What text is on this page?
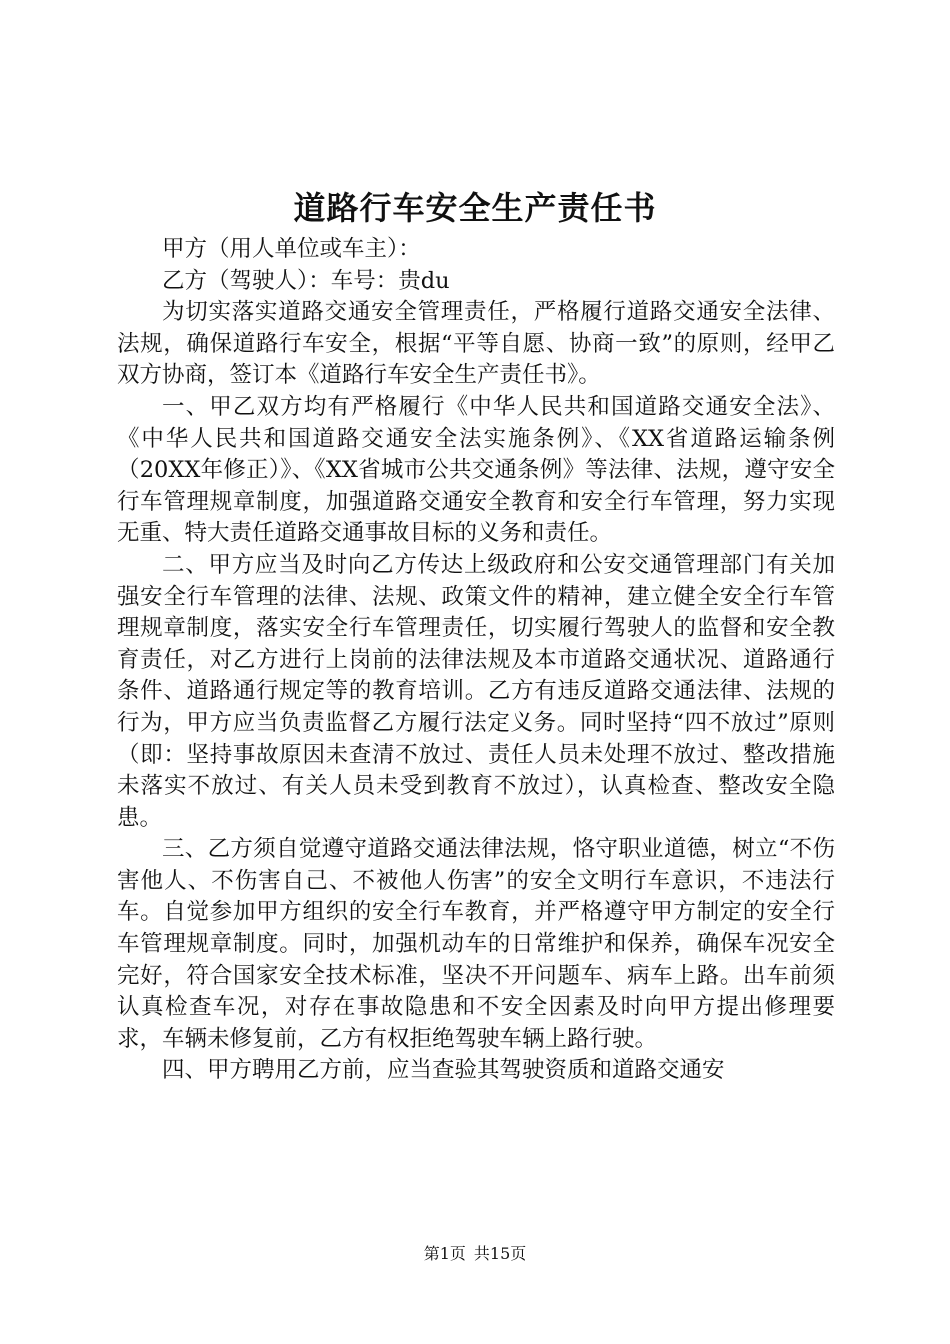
道路行车安全生产责任书

甲方（用人单位或车主）：

乙方（驾驶人）：车号：贵du

为切实落实道路交通安全管理责任，严格履行道路交通安全法律、法规，确保道路行车安全，根据“平等自愿、协商一致”的原则，经甲乙双方协商，签订本《道路行车安全生产责任书》。

一、甲乙双方均有严格履行《中华人民共和国道路交通安全法》、《中华人民共和国道路交通安全法实施条例》、《XX省道路运输条例（20XX年修正）》、《XX省城市公共交通条例》等法律、法规，遵守安全行车管理规章制度，加强道路交通安全教育和安全行车管理，努力实现无重、特大责任道路交通事故目标的义务和责任。

二、甲方应当及时向乙方传达上级政府和公安交通管理部门有关加强安全行车管理的法律、法规、政策文件的精神，建立健全安全行车管理规章制度，落实安全行车管理责任，切实履行驾驶人的监督和安全教育责任，对乙方进行上岗前的法律法规及本市道路交通状况、道路通行条件、道路通行规定等的教育培训。乙方有违反道路交通法律、法规的行为，甲方应当负责监督乙方履行法定义务。同时坚持“四不放过”原则（即：坚持事故原因未查清不放过、责任人员未处理不放过、整改措施未落实不放过、有关人员未受到教育不放过），认真检查、整改安全隐患。

三、乙方须自觉遵守道路交通法律法规，恪守职业道德，树立“不伤害他人、不伤害自己、不被他人伤害”的安全文明行车意识，不违法行车。自觉参加甲方组织的安全行车教育，并严格遵守甲方制定的安全行车管理规章制度。同时，加强机动车的日常维护和保养，确保车况安全完好，符合国家安全技术标准，坚决不开问题车、病车上路。出车前须认真检查车况，对存在事故隐患和不安全因素及时向甲方提出修理要求，车辆未修复前，乙方有权拒绝驾驶车辆上路行驶。

四、甲方聘用乙方前，应当查验其驾驶资质和道路交通安

第1页 共15页
